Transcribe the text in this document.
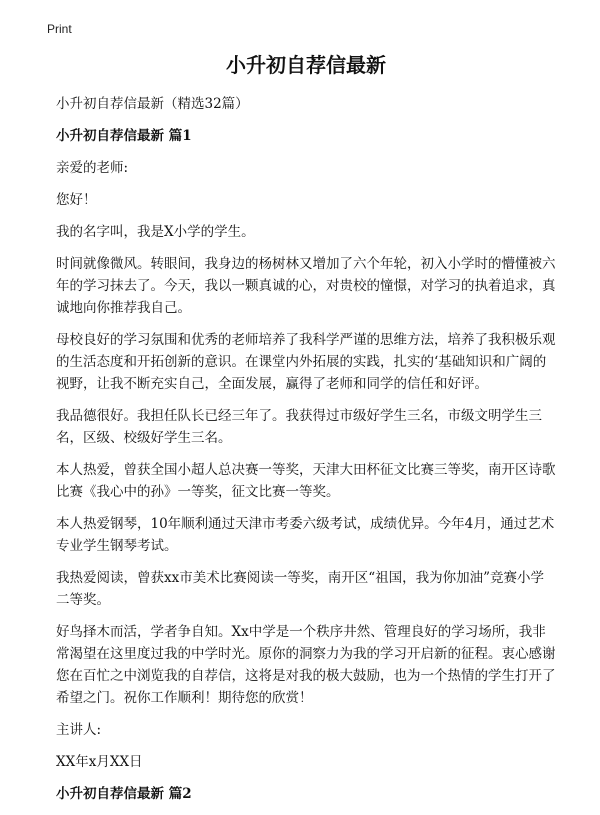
Print
小升初自荐信最新
小升初自荐信最新（精选32篇）
小升初自荐信最新 篇1
亲爱的老师:
您好！
我的名字叫，我是X小学的学生。
时间就像微风。转眼间，我身边的杨树林又增加了六个年轮，初入小学时的懵懂被六年的学习抹去了。今天，我以一颗真诚的心，对贵校的憧憬，对学习的执着追求，真诚地向你推荐我自己。
母校良好的学习氛围和优秀的老师培养了我科学严谨的思维方法，培养了我积极乐观的生活态度和开拓创新的意识。在课堂内外拓展的实践，扎实的‘基础知识和广阔的视野，让我不断充实自己，全面发展，赢得了老师和同学的信任和好评。
我品德很好。我担任队长已经三年了。我获得过市级好学生三名，市级文明学生三名，区级、校级好学生三名。
本人热爱，曾获全国小超人总决赛一等奖，天津大田杯征文比赛三等奖，南开区诗歌比赛《我心中的孙》一等奖，征文比赛一等奖。
本人热爱钢琴，10年顺利通过天津市考委六级考试，成绩优异。今年4月，通过艺术专业学生钢琴考试。
我热爱阅读，曾获xx市美术比赛阅读一等奖，南开区“祖国，我为你加油”竞赛小学二等奖。
好鸟择木而活，学者争自知。Xx中学是一个秩序井然、管理良好的学习场所，我非常渴望在这里度过我的中学时光。原你的洞察力为我的学习开启新的征程。衷心感谢您在百忙之中浏览我的自荐信，这将是对我的极大鼓励，也为一个热情的学生打开了希望之门。祝你工作顺利！期待您的欣赏！
主讲人:
XX年x月XX日
小升初自荐信最新 篇2
